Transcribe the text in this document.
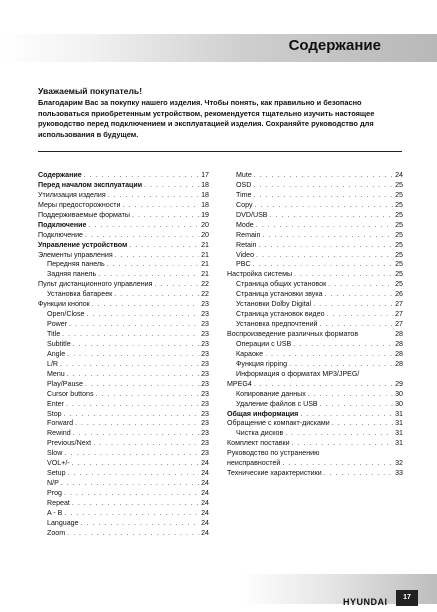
Содержание
Уважаемый покупатель!
Благодарим Вас за покупку нашего изделия. Чтобы понять, как правильно и безопасно пользоваться приобретенным устройством, рекомендуется тщательно изучить настоящее руководство перед подключением и эксплуатацией изделия. Сохраняйте руководство для использования в будущем.
Содержание . . .	17
Перед началом эксплуатации . . .	18
Утилизация изделия . . .	18
Меры предосторожности . . .	18
Поддерживаемые форматы . . .	19
Подключение . . .	20
Подключение . . .	20
Управление устройством . . .	21
Элементы управления . . .	21
Передняя панель . . .	21
Задняя панель . . .	21
Пульт дистанционного управления . . .	22
Установка батареек . . .	22
Функции кнопок . . .	23
Open/Close . . .	23
Power . . .	23
Title . . .	23
Subtitle . . .	23
Angle . . .	23
L/R . . .	23
Menu . . .	23
Play/Pause . . .	23
Cursor buttons . . .	23
Enter . . .	23
Stop . . .	23
Forward . . .	23
Rewind . . .	23
Previous/Next . . .	23
Slow . . .	23
VOL+/- . . .	24
Setup . . .	24
N/P . . .	24
Prog . . .	24
Repeat . . .	24
A - B . . .	24
Language . . .	24
Zoom . . .	24
Mute . . .	24
OSD . . .	25
Time . . .	25
Copy . . .	25
DVD/USB . . .	25
Mode . . .	25
Remain . . .	25
Retain . . .	25
Video . . .	25
PBC . . .	25
Настройка системы . . .	25
Страница общих установок . . .	25
Страница установки звука . . .	26
Установки Dolby Digital . . .	27
Страница установок видео . . .	27
Установка предпочтений . . .	27
Воспроизведение различных форматов	28
Операции с USB . . .	28
Караоке . . .	28
Функция ripping . . .	28
Информация о форматах MP3/JPEG/
MPEG4 . . .	29
Копирование данных . . .	30
Удаление файлов с USB . . .	30
Общая информация . . .	31
Обращение с компакт-дисками . . .	31
Чистка дисков . . .	31
Комплект поставки . . .	31
Руководство по устранению
неисправностей . . .	32
Технические характеристики . . .	33
HYUNDAI	17
